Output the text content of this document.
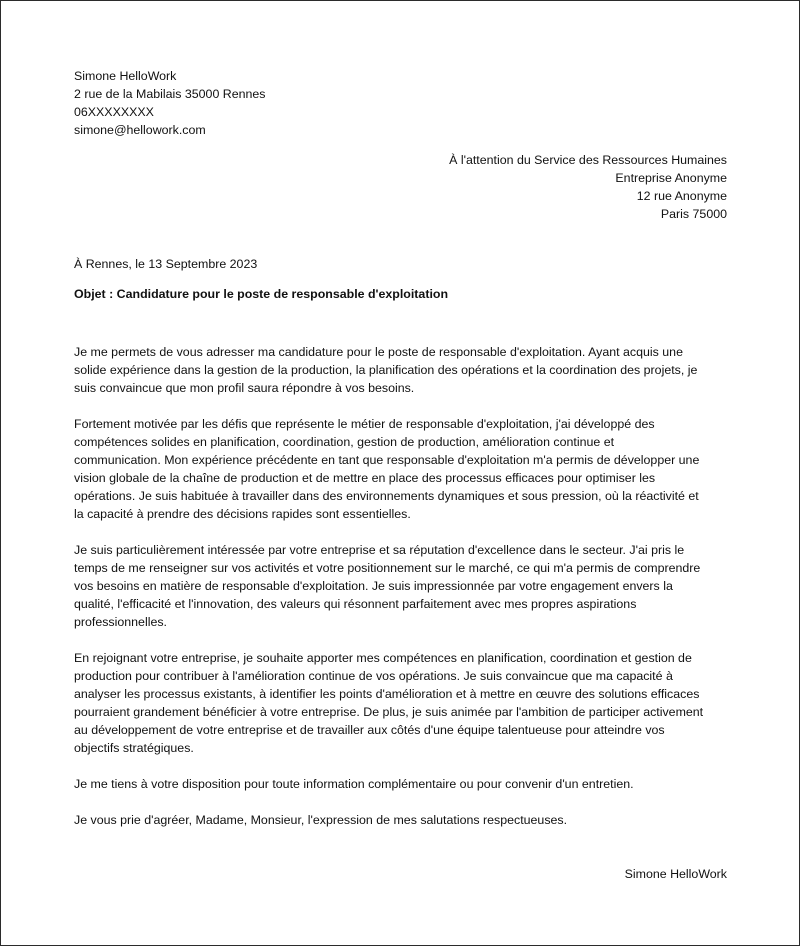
Simone HelloWork
2 rue de la Mabilais 35000 Rennes
06XXXXXXXX
simone@hellowork.com
À l'attention du Service des Ressources Humaines
Entreprise Anonyme
12 rue Anonyme
Paris 75000
À Rennes, le 13 Septembre 2023
Objet : Candidature pour le poste de responsable d'exploitation
Je me permets de vous adresser ma candidature pour le poste de responsable d'exploitation. Ayant acquis une
solide expérience dans la gestion de la production, la planification des opérations et la coordination des projets, je
suis convaincue que mon profil saura répondre à vos besoins.
Fortement motivée par les défis que représente le métier de responsable d'exploitation, j'ai développé des
compétences solides en planification, coordination, gestion de production, amélioration continue et
communication. Mon expérience précédente en tant que responsable d'exploitation m'a permis de développer une
vision globale de la chaîne de production et de mettre en place des processus efficaces pour optimiser les
opérations. Je suis habituée à travailler dans des environnements dynamiques et sous pression, où la réactivité et
la capacité à prendre des décisions rapides sont essentielles.
Je suis particulièrement intéressée par votre entreprise et sa réputation d'excellence dans le secteur. J'ai pris le
temps de me renseigner sur vos activités et votre positionnement sur le marché, ce qui m'a permis de comprendre
vos besoins en matière de responsable d'exploitation. Je suis impressionnée par votre engagement envers la
qualité, l'efficacité et l'innovation, des valeurs qui résonnent parfaitement avec mes propres aspirations
professionnelles.
En rejoignant votre entreprise, je souhaite apporter mes compétences en planification, coordination et gestion de
production pour contribuer à l'amélioration continue de vos opérations. Je suis convaincue que ma capacité à
analyser les processus existants, à identifier les points d'amélioration et à mettre en œuvre des solutions efficaces
pourraient grandement bénéficier à votre entreprise. De plus, je suis animée par l'ambition de participer activement
au développement de votre entreprise et de travailler aux côtés d'une équipe talentueuse pour atteindre vos
objectifs stratégiques.
Je me tiens à votre disposition pour toute information complémentaire ou pour convenir d'un entretien.
Je vous prie d'agréer, Madame, Monsieur, l'expression de mes salutations respectueuses.
Simone HelloWork
